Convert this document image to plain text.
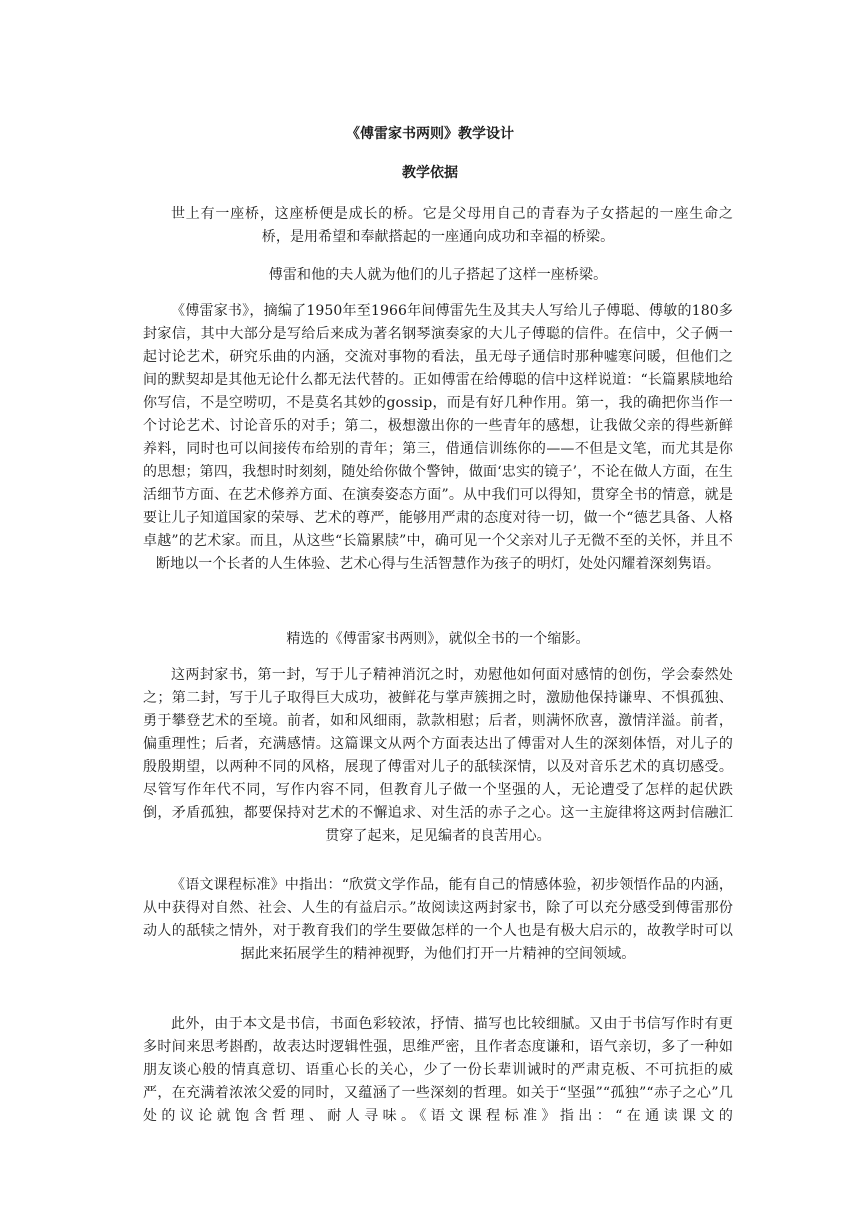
《傅雷家书两则》教学设计
教学依据

世上有一座桥，这座桥便是成长的桥。它是父母用自己的青春为子女搭起的一座生命之桥，是用希望和奉献搭起的一座通向成功和幸福的桥梁。

傅雷和他的夫人就为他们的儿子搭起了这样一座桥梁。

《傅雷家书》，摘编了1950年至1966年间傅雷先生及其夫人写给儿子傅聪、傅敏的180多封家信，其中大部分是写给后来成为著名钢琴演奏家的大儿子傅聪的信件。在信中，父子俩一起讨论艺术，研究乐曲的内涵，交流对事物的看法，虽无母子通信时那种嘘寒问暖，但他们之间的默契却是其他无论什么都无法代替的。正如傅雷在给傅聪的信中这样说道：“长篇累牍地给你写信，不是空唠叨，不是莫名其妙的gossip，而是有好几种作用。第一，我的确把你当作一个讨论艺术、讨论音乐的对手；第二，极想激出你的一些青年的感想，让我做父亲的得些新鲜养料，同时也可以间接传布给别的青年；第三，借通信训练你的——不但是文笔，而尤其是你的思想；第四，我想时时刻刻，随处给你做个警钟，做面‘忠实的镜子’，不论在做人方面，在生活细节方面、在艺术修养方面、在演奏姿态方面”。从中我们可以得知，贯穿全书的情意，就是要让儿子知道国家的荣辱、艺术的尊严，能够用严肃的态度对待一切，做一个“德艺具备、人格卓越”的艺术家。而且，从这些“长篇累牍”中，确可见一个父亲对儿子无微不至的关怀，并且不断地以一个长者的人生体验、艺术心得与生活智慧作为孩子的明灯，处处闪耀着深刻隽语。

精选的《傅雷家书两则》，就似全书的一个缩影。

这两封家书，第一封，写于儿子精神消沉之时，劝慰他如何面对感情的创伤，学会泰然处之；第二封，写于儿子取得巨大成功，被鲜花与掌声簇拥之时，激励他保持谦卑、不惧孤独、勇于攀登艺术的至境。前者，如和风细雨，款款相慰；后者，则满怀欣喜，激情洋溢。前者，偏重理性；后者，充满感情。这篇课文从两个方面表达出了傅雷对人生的深刻体悟，对儿子的殷殷期望，以两种不同的风格，展现了傅雷对儿子的舐犊深情，以及对音乐艺术的真切感受。尽管写作年代不同，写作内容不同，但教育儿子做一个坚强的人，无论遭受了怎样的起伏跌倒，矛盾孤独，都要保持对艺术的不懈追求、对生活的赤子之心。这一主旋律将这两封信融汇贯穿了起来，足见编者的良苦用心。

《语文课程标准》中指出：“欣赏文学作品，能有自己的情感体验，初步领悟作品的内涵，从中获得对自然、社会、人生的有益启示。”故阅读这两封家书，除了可以充分感受到傅雷那份动人的舐犊之情外，对于教育我们的学生要做怎样的一个人也是有极大启示的，故教学时可以据此来拓展学生的精神视野，为他们打开一片精神的空间领域。

此外，由于本文是书信，书面色彩较浓，抒情、描写也比较细腻。又由于书信写作时有更多时间来思考斟酌，故表达时逻辑性强，思维严密，且作者态度谦和，语气亲切，多了一种如朋友谈心般的情真意切、语重心长的关心，少了一份长辈训诫时的严肃克板、不可抗拒的威严，在充满着浓浓父爱的同时，又蕴涵了一些深刻的哲理。如关于“坚强”“孤独”“赤子之心”几处的议论就饱含哲理、耐人寻味。《语文课程标准》指出：“在通读课文的
